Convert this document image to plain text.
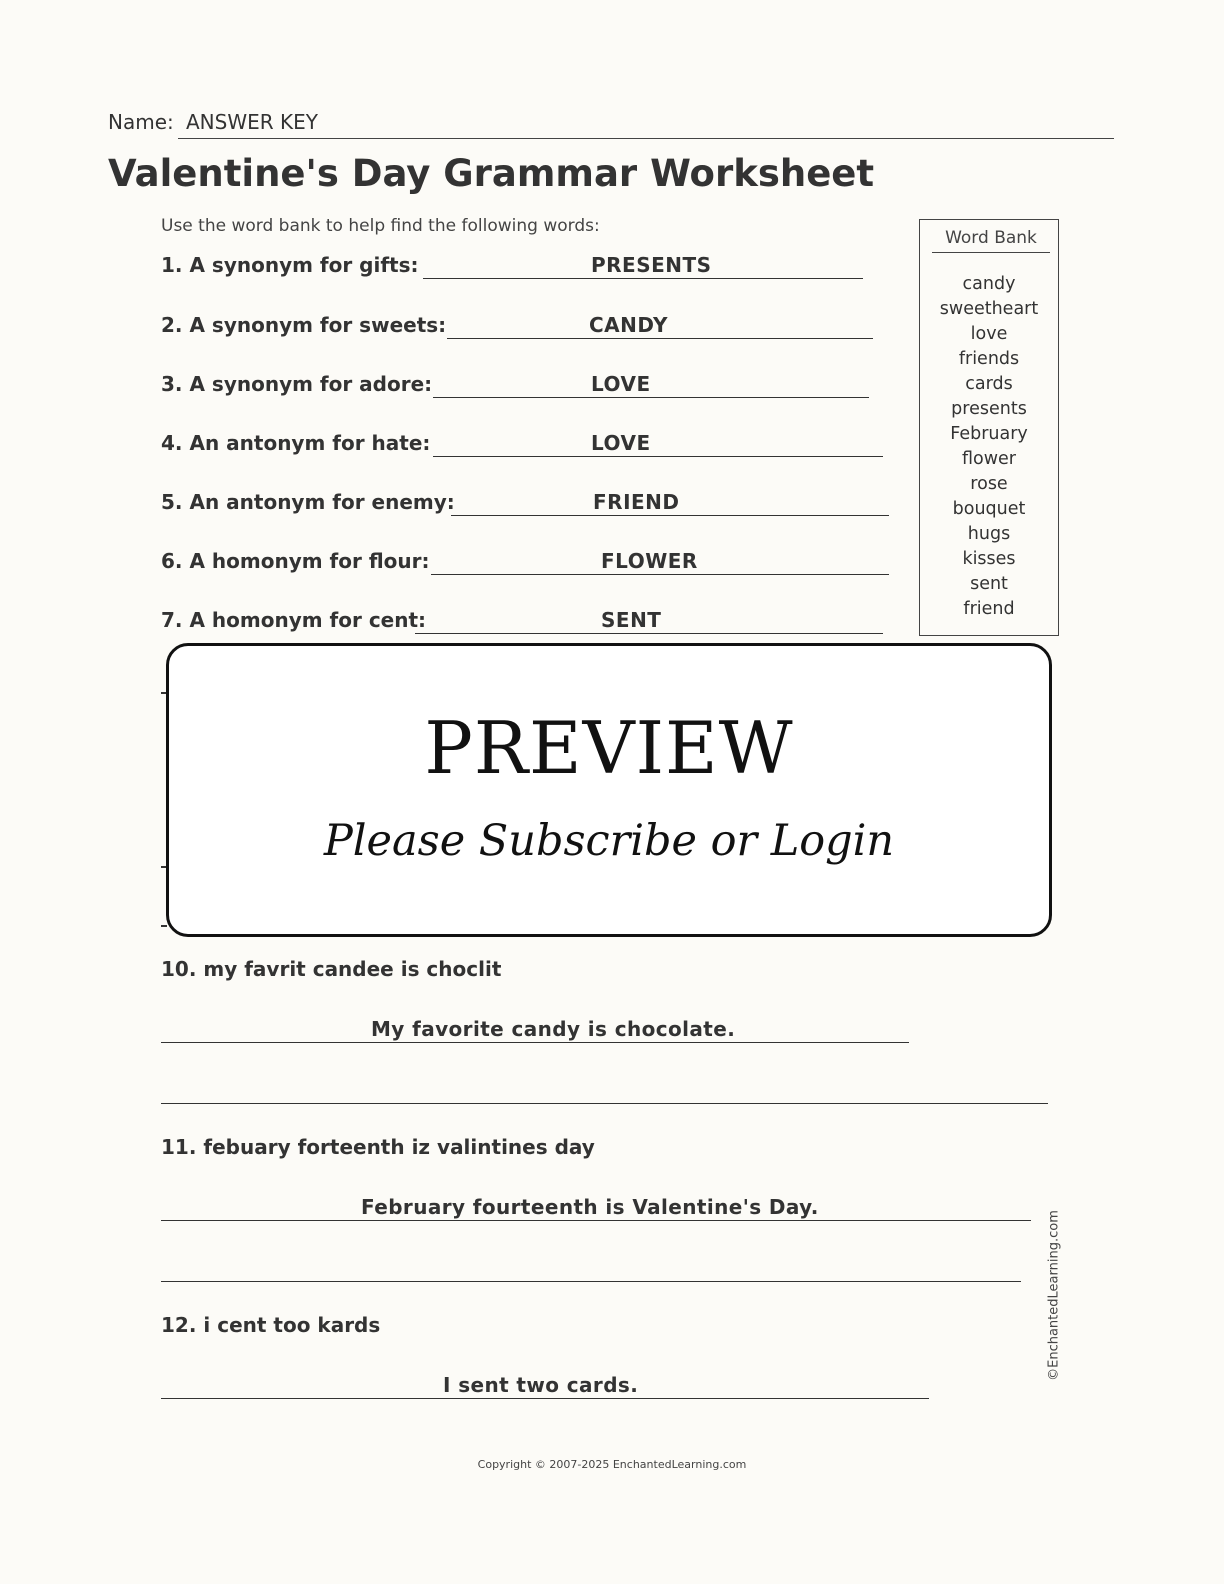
Name: ANSWER KEY
Valentine's Day Grammar Worksheet
Use the word bank to help find the following words:
1. A synonym for gifts:	PRESENTS
2. A synonym for sweets:	CANDY
3. A synonym for adore:	LOVE
4. An antonym for hate:	LOVE
5. An antonym for enemy:	FRIEND
6. A homonym for flour:	FLOWER
7. A homonym for cent:	SENT
Word Bank
candy
sweetheart
love
friends
cards
presents
February
flower
rose
bouquet
hugs
kisses
sent
friend
PREVIEW
Please Subscribe or Login
10. my favrit candee is choclit
My favorite candy is chocolate.
11. febuary forteenth iz valintines day
February fourteenth is Valentine's Day.
12. i cent too kards
I sent two cards.
©EnchantedLearning.com
Copyright © 2007-2025 EnchantedLearning.com
